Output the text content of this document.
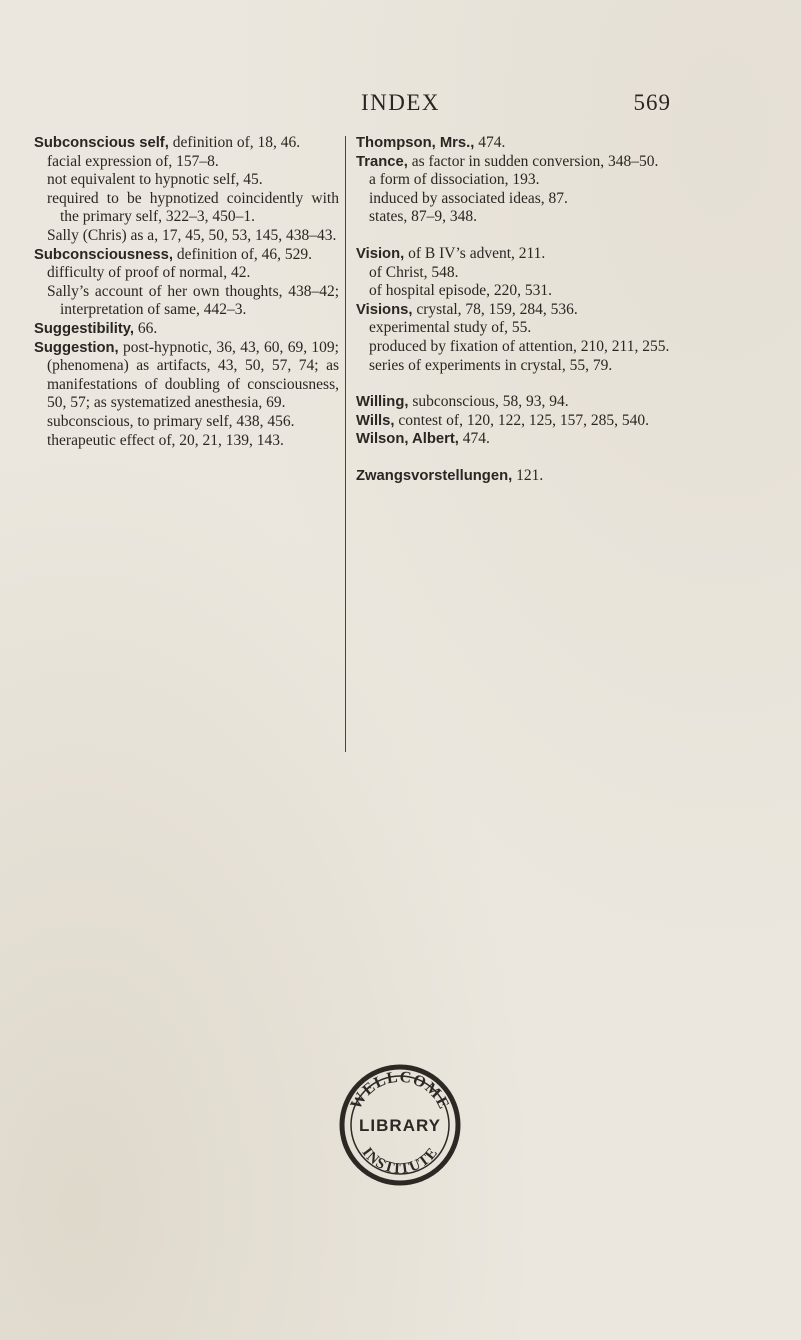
INDEX	569
Subconscious self, definition of, 18, 46.
facial expression of, 157–8.
not equivalent to hypnotic self, 45.
required to be hypnotized coincidently with the primary self, 322–3, 450–1.
Sally (Chris) as a, 17, 45, 50, 53, 145, 438–43.
Subconsciousness, definition of, 46, 529.
difficulty of proof of normal, 42.
Sally’s account of her own thoughts, 438–42; interpretation of same, 442–3.
Suggestibility, 66.
Suggestion, post-hypnotic, 36, 43, 60, 69, 109; (phenomena) as artifacts, 43, 50, 57, 74; as manifestations of doubling of consciousness, 50, 57; as systematized anesthesia, 69.
subconscious, to primary self, 438, 456.
therapeutic effect of, 20, 21, 139, 143.
Thompson, Mrs., 474.
Trance, as factor in sudden conversion, 348–50.
a form of dissociation, 193.
induced by associated ideas, 87.
states, 87–9, 348.
Vision, of B IV’s advent, 211.
of Christ, 548.
of hospital episode, 220, 531.
Visions, crystal, 78, 159, 284, 536.
experimental study of, 55.
produced by fixation of attention, 210, 211, 255.
series of experiments in crystal, 55, 79.
Willing, subconscious, 58, 93, 94.
Wills, contest of, 120, 122, 125, 157, 285, 540.
Wilson, Albert, 474.
Zwangsvorstellungen, 121.
WELLCOME
INSTITUTE
LIBRARY
